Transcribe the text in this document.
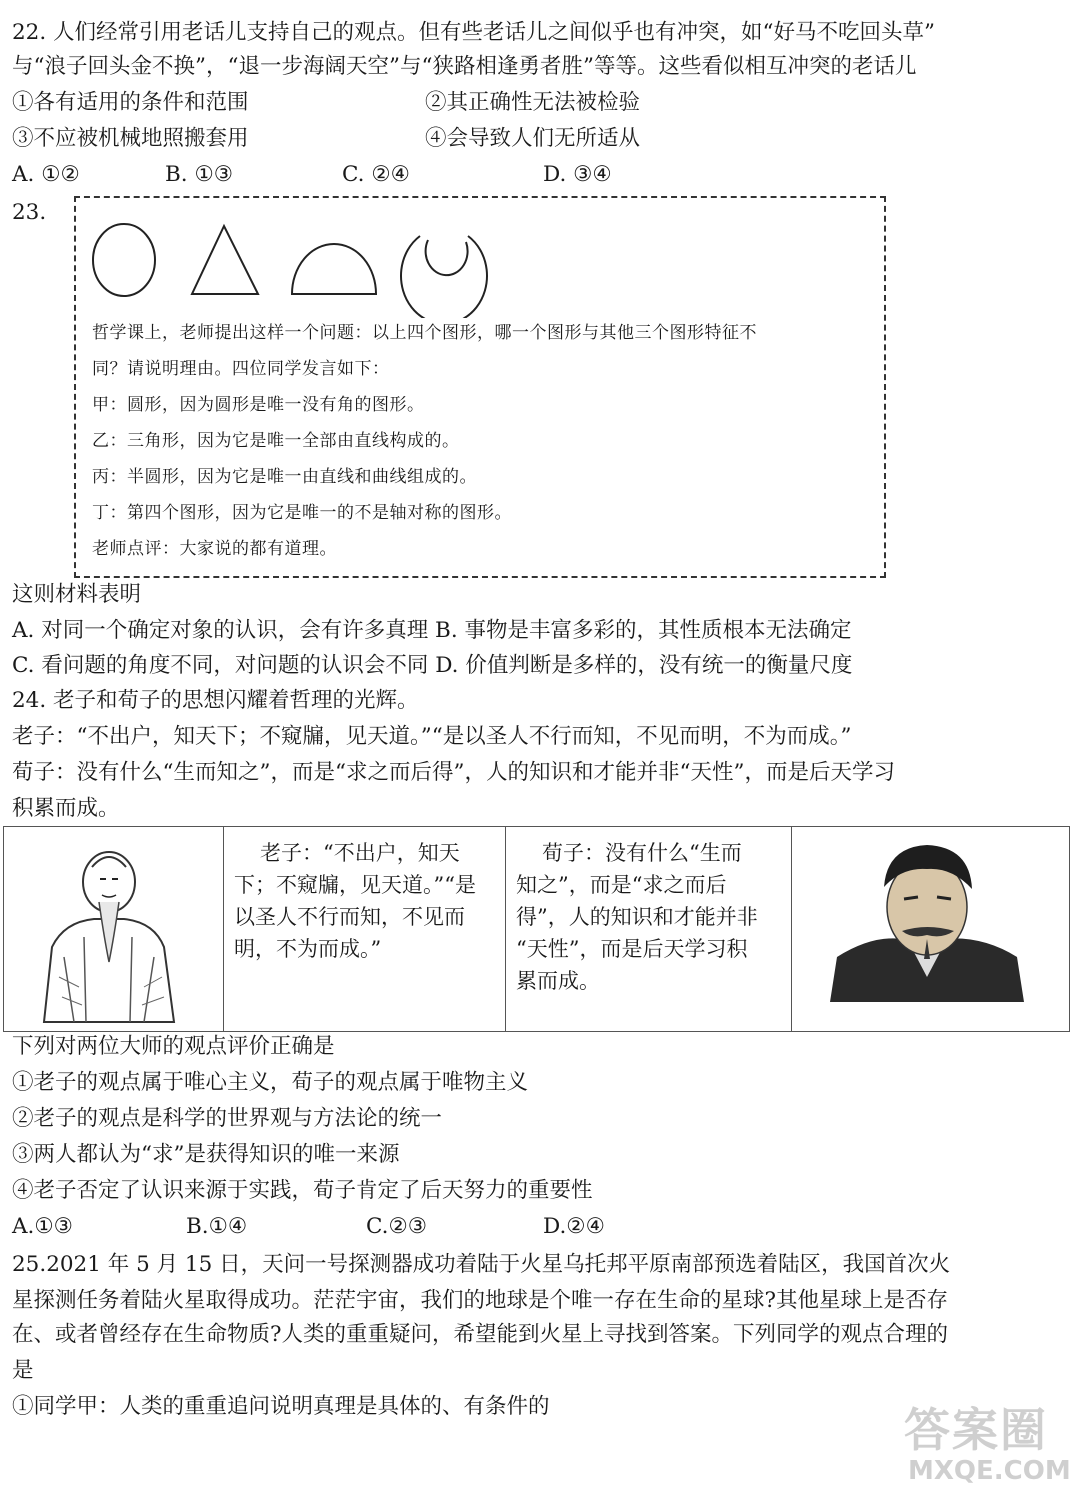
22. 人们经常引用老话儿支持自己的观点。但有些老话儿之间似乎也有冲突，如“好马不吃回头草”
与“浪子回头金不换”，“退一步海阔天空”与“狭路相逢勇者胜”等等。这些看似相互冲突的老话儿
①各有适用的条件和范围	②其正确性无法被检验
③不应被机械地照搬套用	④会导致人们无所适从
A. ①②	B. ①③	C. ②④	D. ③④
23.
哲学课上，老师提出这样一个问题：以上四个图形，哪一个图形与其他三个图形特征不
同？请说明理由。四位同学发言如下：
甲：圆形，因为圆形是唯一没有角的图形。
乙：三角形，因为它是唯一全部由直线构成的。
丙：半圆形，因为它是唯一由直线和曲线组成的。
丁：第四个图形，因为它是唯一的不是轴对称的图形。
老师点评：大家说的都有道理。
这则材料表明
A. 对同一个确定对象的认识，会有许多真理 B. 事物是丰富多彩的，其性质根本无法确定
C. 看问题的角度不同，对问题的认识会不同 D. 价值判断是多样的，没有统一的衡量尺度
24. 老子和荀子的思想闪耀着哲理的光辉。
老子：“不出户，知天下；不窥牖，见天道。”“是以圣人不行而知，不见而明，不为而成。”
荀子：没有什么“生而知之”，而是“求之而后得”，人的知识和才能并非“天性”，而是后天学习
积累而成。

老子：“不出户，知天
下；不窥牖，见天道。”“是
以圣人不行而知，不见而
明，不为而成。”

荀子：没有什么“生而
知之”，而是“求之而后
得”，人的知识和才能并非
“天性”，而是后天学习积
累而成。

下列对两位大师的观点评价正确是
①老子的观点属于唯心主义，荀子的观点属于唯物主义
②老子的观点是科学的世界观与方法论的统一
③两人都认为“求”是获得知识的唯一来源
④老子否定了认识来源于实践，荀子肯定了后天努力的重要性
A.①③	B.①④	C.②③	D.②④
25.2021 年 5 月 15 日，天问一号探测器成功着陆于火星乌托邦平原南部预选着陆区，我国首次火
星探测任务着陆火星取得成功。茫茫宇宙，我们的地球是个唯一存在生命的星球?其他星球上是否存
在、或者曾经存在生命物质?人类的重重疑问，希望能到火星上寻找到答案。下列同学的观点合理的
是
①同学甲：人类的重重追问说明真理是具体的、有条件的	答案圈
MXQE.COM
